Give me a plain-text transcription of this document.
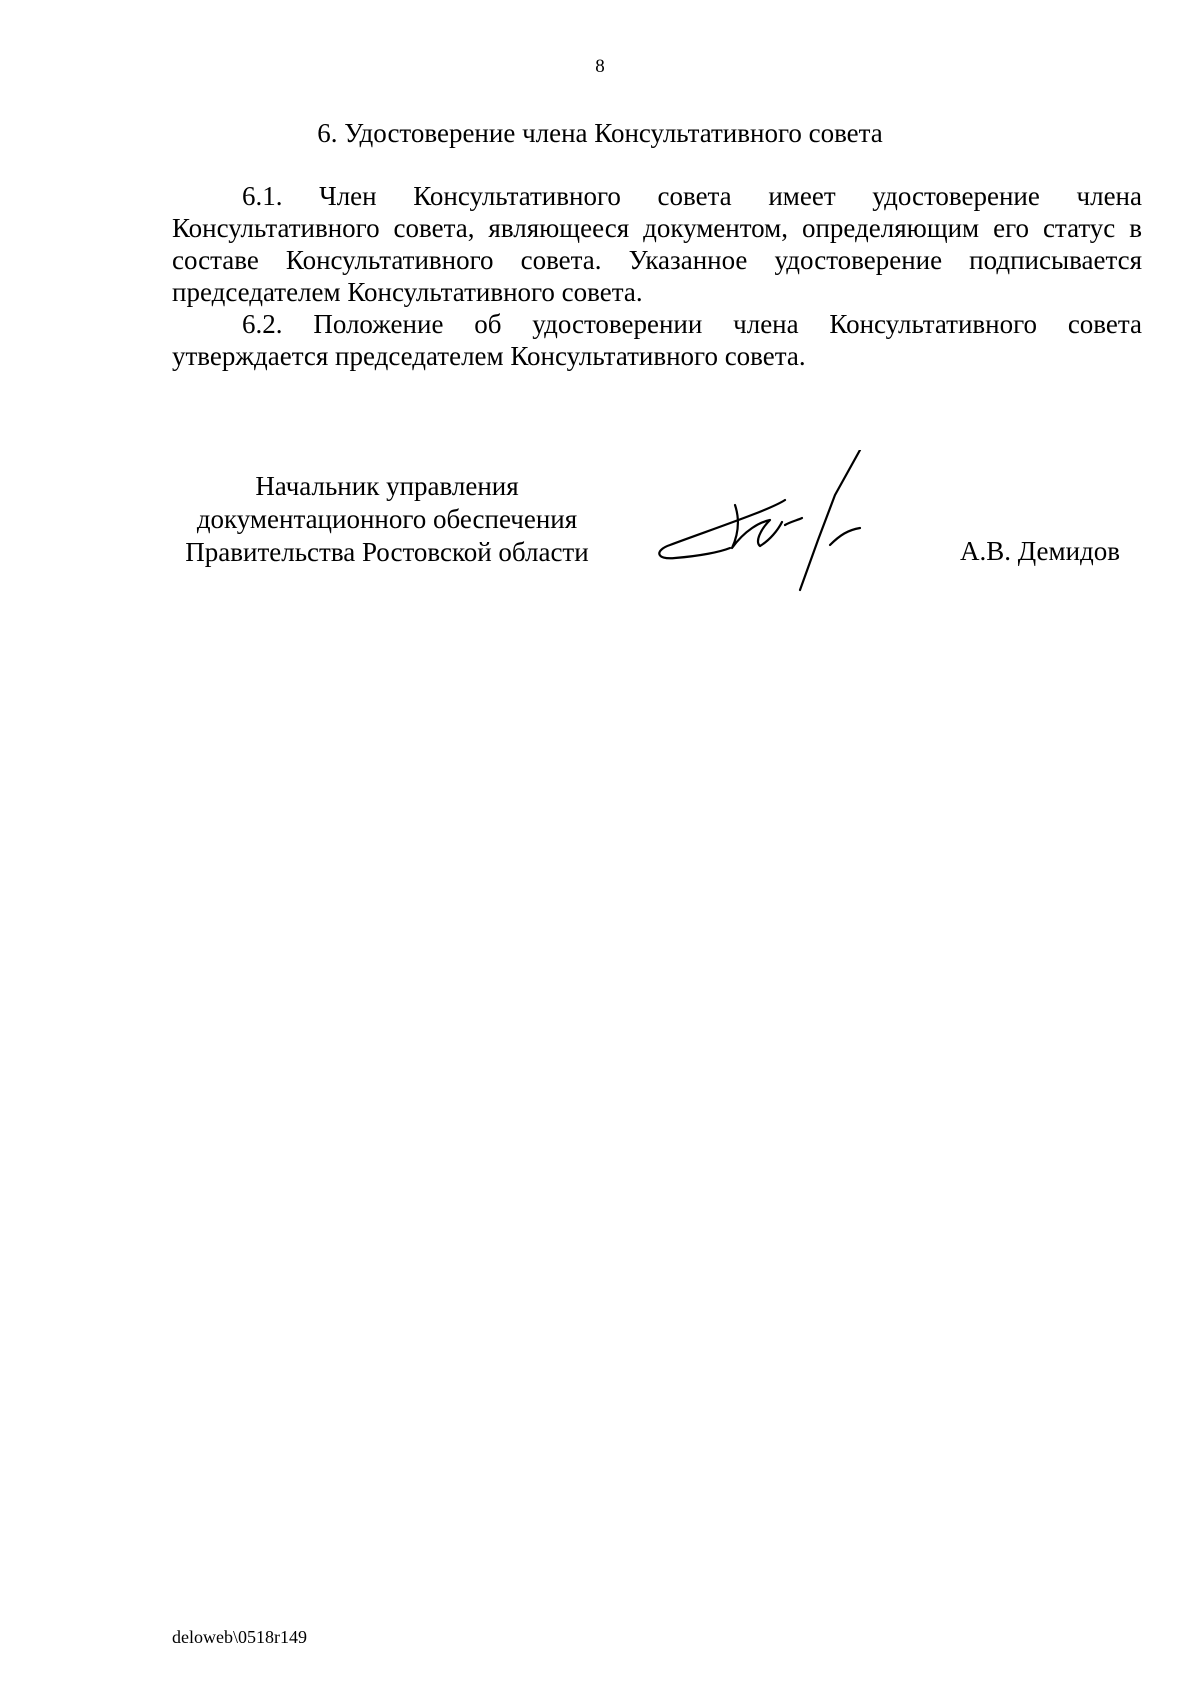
8
6. Удостоверение члена Консультативного совета

6.1. Член Консультативного совета имеет удостоверение члена Консультативного совета, являющееся документом, определяющим его статус в составе Консультативного совета. Указанное удостоверение подписывается председателем Консультативного совета.

6.2. Положение об удостоверении члена Консультативного совета утверждается председателем Консультативного совета.

Начальник управления
документационного обеспечения
Правительства Ростовской области	А.В. Демидов
deloweb\0518r149
